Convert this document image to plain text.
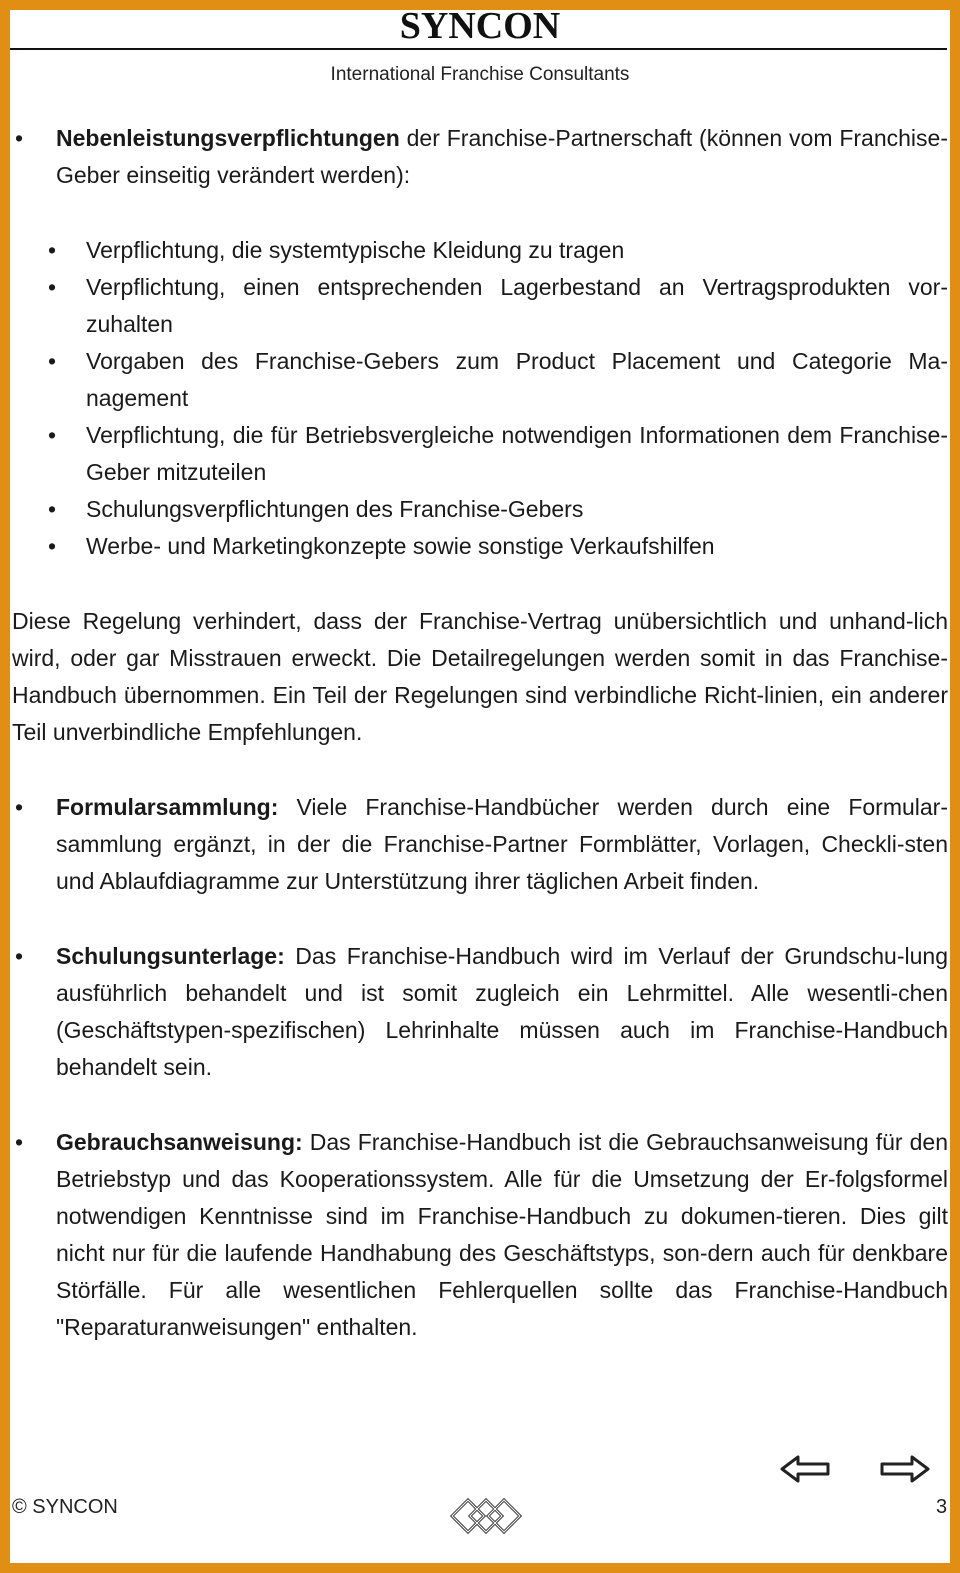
SYNCON
International Franchise Consultants
• Nebenleistungsverpflichtungen der Franchise-Partnerschaft (können vom Franchise-Geber einseitig verändert werden):
• Verpflichtung, die systemtypische Kleidung zu tragen
• Verpflichtung, einen entsprechenden Lagerbestand an Vertragsprodukten vor-zuhalten
• Vorgaben des Franchise-Gebers zum Product Placement und Categorie Ma-nagement
• Verpflichtung, die für Betriebsvergleiche notwendigen Informationen dem Franchise-Geber mitzuteilen
• Schulungsverpflichtungen des Franchise-Gebers
• Werbe- und Marketingkonzepte sowie sonstige Verkaufshilfen
Diese Regelung verhindert, dass der Franchise-Vertrag unübersichtlich und unhand-lich wird, oder gar Misstrauen erweckt. Die Detailregelungen werden somit in das Franchise-Handbuch übernommen. Ein Teil der Regelungen sind verbindliche Richt-linien, ein anderer Teil unverbindliche Empfehlungen.
• Formularsammlung: Viele Franchise-Handbücher werden durch eine Formular-sammlung ergänzt, in der die Franchise-Partner Formblätter, Vorlagen, Checkli-sten und Ablaufdiagramme zur Unterstützung ihrer täglichen Arbeit finden.
• Schulungsunterlage: Das Franchise-Handbuch wird im Verlauf der Grundschu-lung ausführlich behandelt und ist somit zugleich ein Lehrmittel. Alle wesentli-chen (Geschäftstypen-spezifischen) Lehrinhalte müssen auch im Franchise-Handbuch behandelt sein.
• Gebrauchsanweisung: Das Franchise-Handbuch ist die Gebrauchsanweisung für den Betriebstyp und das Kooperationssystem. Alle für die Umsetzung der Er-folgsformel notwendigen Kenntnisse sind im Franchise-Handbuch zu dokumen-tieren. Dies gilt nicht nur für die laufende Handhabung des Geschäftstyps, son-dern auch für denkbare Störfälle. Für alle wesentlichen Fehlerquellen sollte das Franchise-Handbuch "Reparaturanweisungen" enthalten.
© SYNCON	3
